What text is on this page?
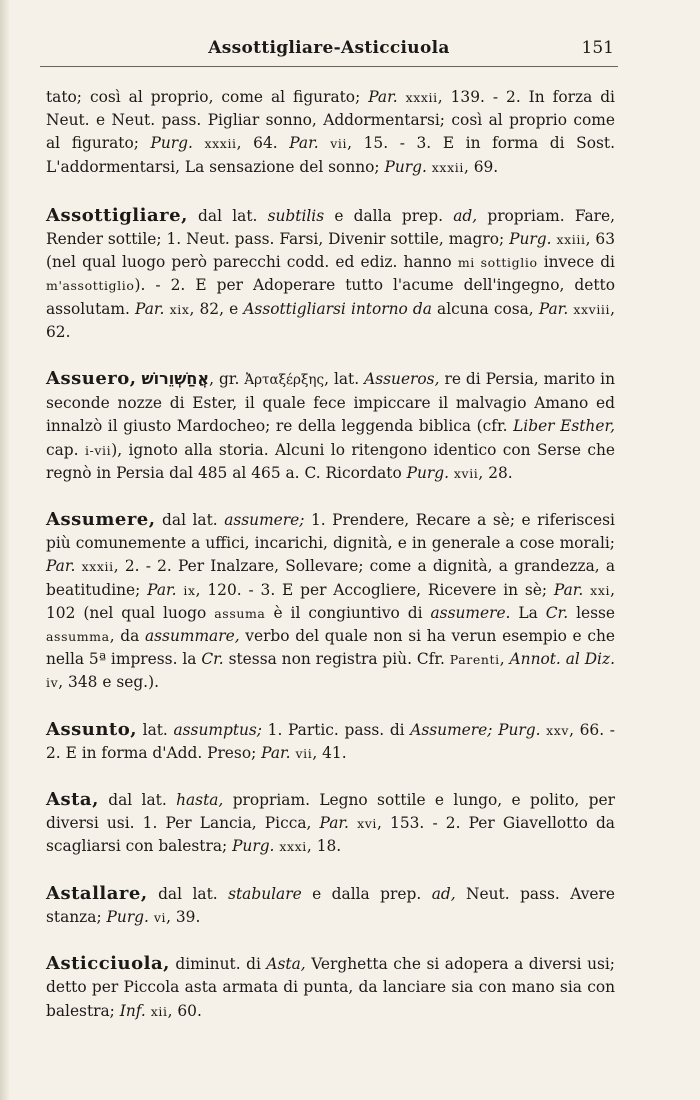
Assottigliare-Asticciuola	151

tato; così al proprio, come al figurato; Par. xxxii, 139. - 2. In forza di Neut. e Neut. pass. Pigliar sonno, Addormentarsi; così al proprio come al figurato; Purg. xxxii, 64. Par. vii, 15. - 3. E in forma di Sost. L'addormentarsi, La sensazione del sonno; Purg. xxxii, 69.

Assottigliare, dal lat. subtilis e dalla prep. ad, propriam. Fare, Render sottile; 1. Neut. pass. Farsi, Divenir sottile, magro; Purg. xxiii, 63 (nel qual luogo però parecchi codd. ed ediz. hanno mi sottiglio invece di m'assottiglio). - 2. E per Adoperare tutto l'acume dell'ingegno, detto assolutam. Par. xix, 82, e Assottigliarsi intorno da alcuna cosa, Par. xxviii, 62.

Assuero, אֲחַשְׁוֵרוֹשׁ, gr. Ἀρταξέρξης, lat. Assueros, re di Persia, marito in seconde nozze di Ester, il quale fece impiccare il malvagio Amano ed innalzò il giusto Mardocheo; re della leggenda biblica (cfr. Liber Esther, cap. i-vii), ignoto alla storia. Alcuni lo ritengono identico con Serse che regnò in Persia dal 485 al 465 a. C. Ricordato Purg. xvii, 28.

Assumere, dal lat. assumere; 1. Prendere, Recare a sè; e riferiscesi più comunemente a uffici, incarichi, dignità, e in generale a cose morali; Par. xxxii, 2. - 2. Per Inalzare, Sollevare; come a dignità, a grandezza, a beatitudine; Par. ix, 120. - 3. E per Accogliere, Ricevere in sè; Par. xxi, 102 (nel qual luogo assuma è il congiuntivo di assumere. La Cr. lesse assumma, da assummare, verbo del quale non si ha verun esempio e che nella 5ª impress. la Cr. stessa non registra più. Cfr. Parenti, Annot. al Diz. iv, 348 e seg.).

Assunto, lat. assumptus; 1. Partic. pass. di Assumere; Purg. xxv, 66. - 2. E in forma d'Add. Preso; Par. vii, 41.

Asta, dal lat. hasta, propriam. Legno sottile e lungo, e polito, per diversi usi. 1. Per Lancia, Picca, Par. xvi, 153. - 2. Per Giavellotto da scagliarsi con balestra; Purg. xxxi, 18.

Astallare, dal lat. stabulare e dalla prep. ad, Neut. pass. Avere stanza; Purg. vi, 39.

Asticciuola, diminut. di Asta, Verghetta che si adopera a diversi usi; detto per Piccola asta armata di punta, da lanciare sia con mano sia con balestra; Inf. xii, 60.
